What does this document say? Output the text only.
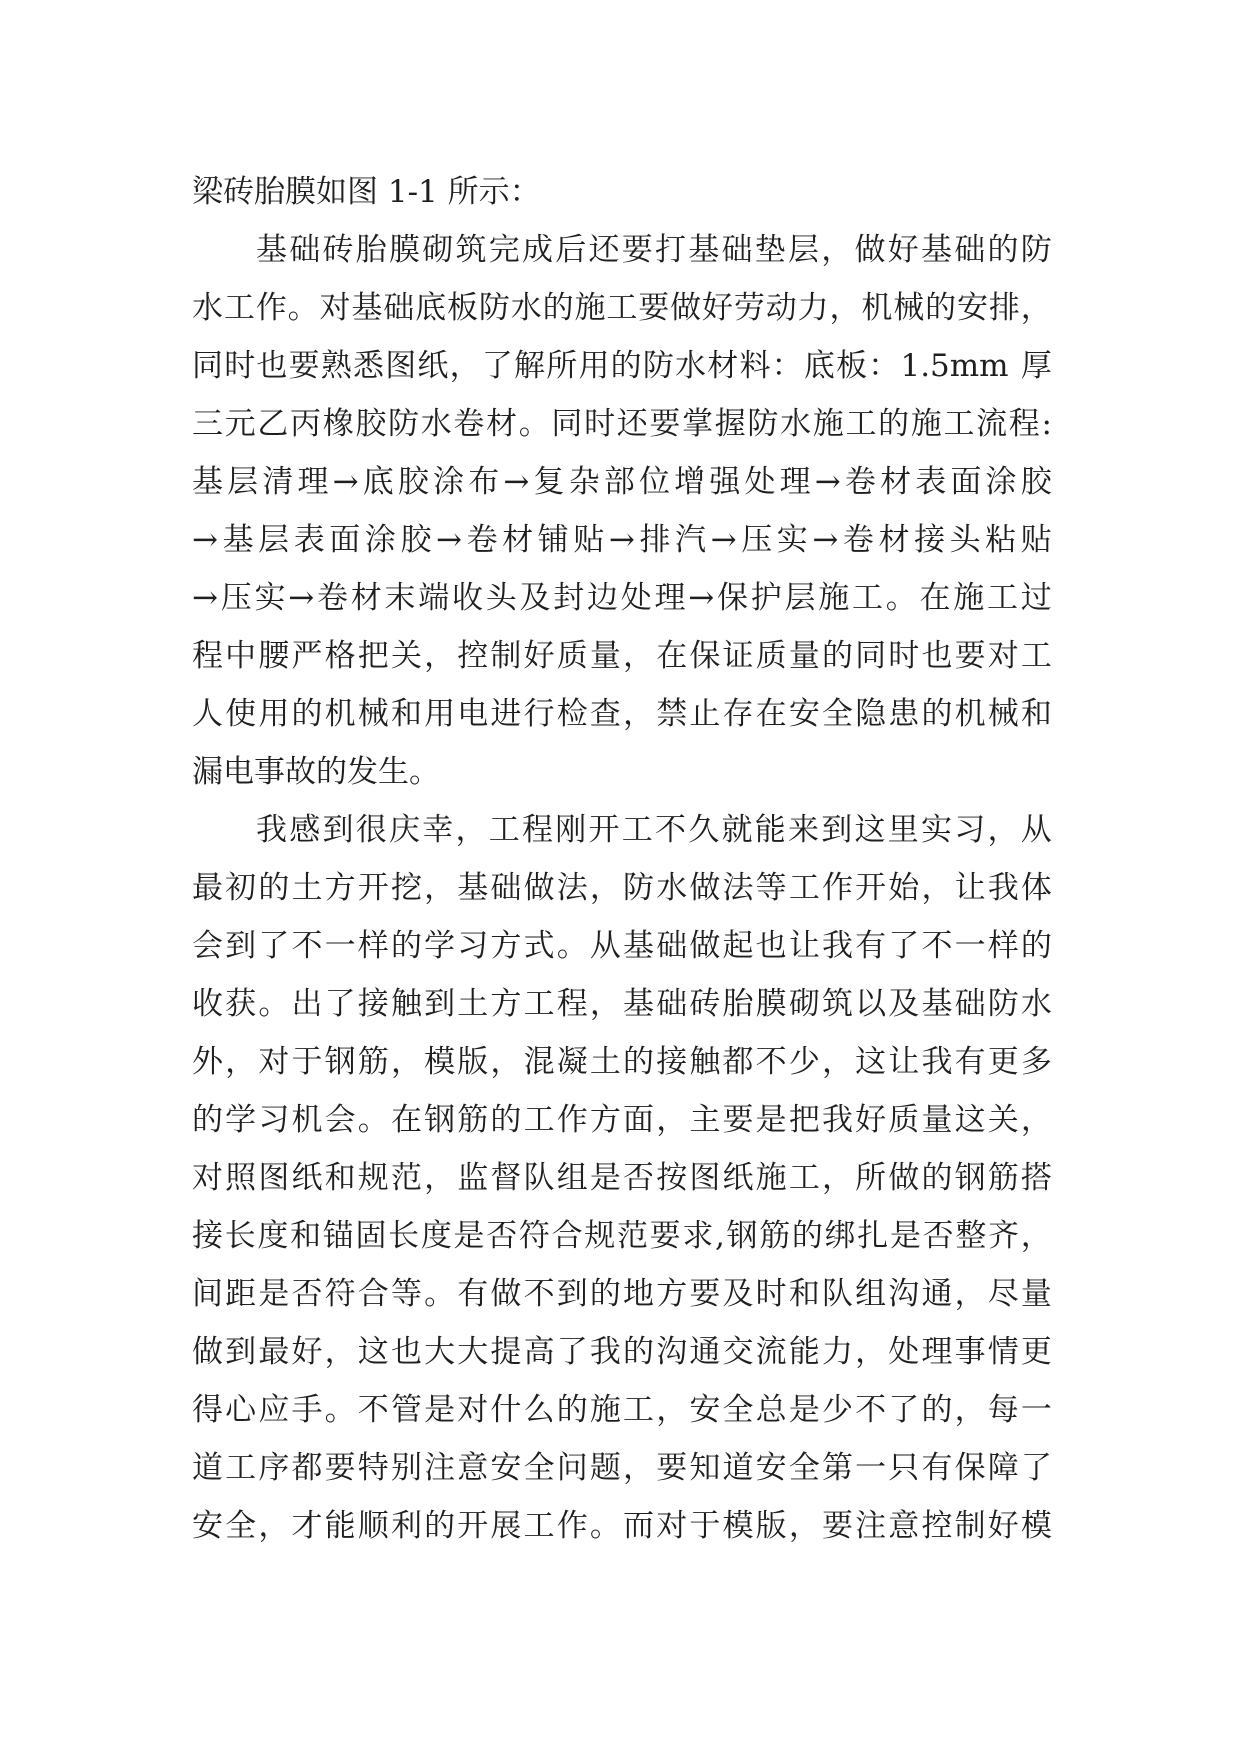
梁 砖 胎 膜 如 图
1-1
所 示 ：
基 础 砖 胎 膜 砌 筑 完 成 后 还 要 打 基 础 垫 层 ， 做 好 基 础 的 防
水 工 作 。 对 基 础 底 板 防 水 的 施 工 要 做 好 劳 动 力 ， 机 械 的 安 排 ，
同 时 也 要 熟 悉 图 纸 ， 了 解 所 用 的 防 水 材 料 ： 底 板 ： 1.5mm
厚
三 元 乙 丙 橡 胶 防 水 卷 材 。 同 时 还 要 掌 握 防 水 施 工 的 施 工 流 程 :
基 层 清 理 → 底 胶 涂 布 → 复 杂 部 位 增 强 处 理 → 卷 材 表 面 涂 胶
→ 基 层 表 面 涂 胶 → 卷 材 铺 贴 → 排 汽 → 压 实 → 卷 材 接 头 粘 贴
→ 压 实 → 卷 材 末 端 收 头 及 封 边 处 理 → 保 护 层 施 工 。 在 施 工 过
程 中 腰 严 格 把 关 ， 控 制 好 质 量 ， 在 保 证 质 量 的 同 时 也 要 对 工
人 使 用 的 机 械 和 用 电 进 行 检 查 ， 禁 止 存 在 安 全 隐 患 的 机 械 和
漏 电 事 故 的 发 生 。
我 感 到 很 庆 幸 ， 工 程 刚 开 工 不 久 就 能 来 到 这 里 实 习 ， 从
最 初 的 土 方 开 挖 ， 基 础 做 法 ， 防 水 做 法 等 工 作 开 始 ， 让 我 体
会 到 了 不 一 样 的 学 习 方 式 。 从 基 础 做 起 也 让 我 有 了 不 一 样 的
收 获 。 出 了 接 触 到 土 方 工 程 ， 基 础 砖 胎 膜 砌 筑 以 及 基 础 防 水
外 ， 对 于 钢 筋 ， 模 版 ， 混 凝 土 的 接 触 都 不 少 ， 这 让 我 有 更 多
的 学 习 机 会 。 在 钢 筋 的 工 作 方 面 ， 主 要 是 把 我 好 质 量 这 关 ，
对 照 图 纸 和 规 范 ， 监 督 队 组 是 否 按 图 纸 施 工 ， 所 做 的 钢 筋 搭
接 长 度 和 锚 固 长 度 是 否 符 合 规 范 要 求 , 钢 筋 的 绑 扎 是 否 整 齐 ，
间 距 是 否 符 合 等 。 有 做 不 到 的 地 方 要 及 时 和 队 组 沟 通 ， 尽 量
做 到 最 好 ， 这 也 大 大 提 高 了 我 的 沟 通 交 流 能 力 ， 处 理 事 情 更
得 心 应 手 。 不 管 是 对 什 么 的 施 工 ， 安 全 总 是 少 不 了 的 ， 每 一
道 工 序 都 要 特 别 注 意 安 全 问 题 ， 要 知 道 安 全 第 一 只 有 保 障 了
安 全 ， 才 能 顺 利 的 开 展 工 作 。 而 对 于 模 版 ， 要 注 意 控 制 好 模
